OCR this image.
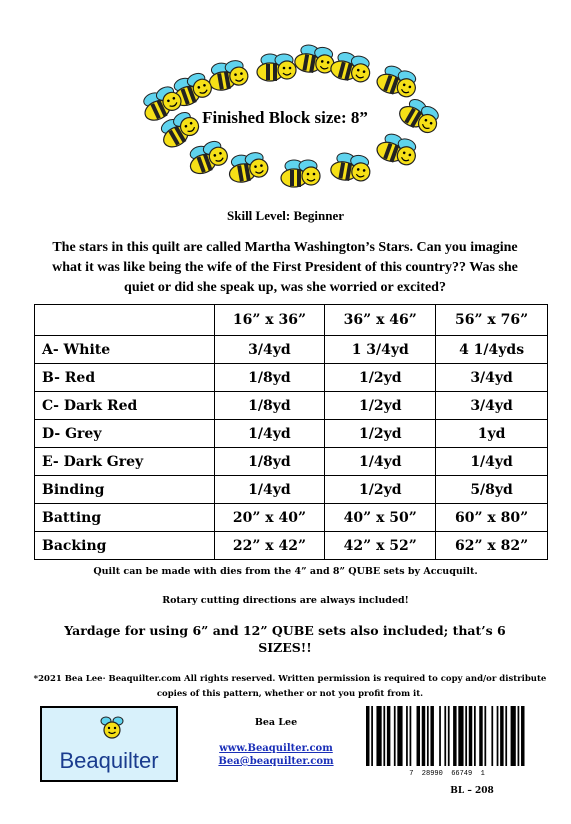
Finished Block size: 8”
Skill Level: Beginner
The stars in this quilt are called Martha Washington’s Stars. Can you imagine what it was like being the wife of the First President of this country?? Was she quiet or did she speak up, was she worried or excited?
	16” x 36”	36” x 46”	56” x 76”
A- White	3/4yd	1 3/4yd	4 1/4yds
B- Red	1/8yd	1/2yd	3/4yd
C- Dark Red	1/8yd	1/2yd	3/4yd
D- Grey	1/4yd	1/2yd	1yd
E- Dark Grey	1/8yd	1/4yd	1/4yd
Binding	1/4yd	1/2yd	5/8yd
Batting	20” x 40”	40” x 50”	60” x 80”
Backing	22” x 42”	42” x 52”	62” x 82”
Quilt can be made with dies from the 4” and 8” QUBE sets by Accuquilt.
Rotary cutting directions are always included!
Yardage for using 6” and 12” QUBE sets also included; that’s 6 SIZES!!
*2021 Bea Lee· Beaquilter.com All rights reserved. Written permission is required to copy and/or distribute copies of this pattern, whether or not you profit from it.
Beaquilter
Bea Lee
www.Beaquilter.com
Bea@beaquilter.com
7  28990  66749  1
BL – 208
